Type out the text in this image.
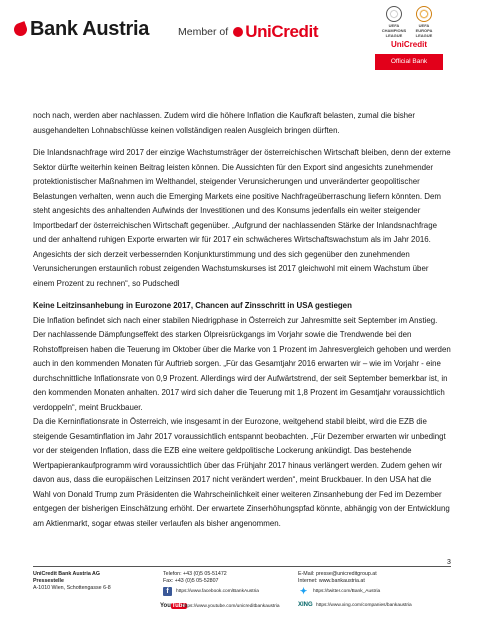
Bank Austria	Member of UniCredit	UEFA CHAMPIONS LEAGUE
UEFA EUROPA LEAGUE
UniCredit
Official Bank

noch nach, werden aber nachlassen. Zudem wird die höhere Inflation die Kaufkraft belasten, zumal die bisher ausgehandelten Lohnabschlüsse keinen vollständigen realen Ausgleich bringen dürften.

Die Inlandsnachfrage wird 2017 der einzige Wachstumsträger der österreichischen Wirtschaft bleiben, denn der externe Sektor dürfte weiterhin keinen Beitrag leisten können. Die Aussichten für den Export sind angesichts zunehmender protektionistischer Maßnahmen im Welthandel, steigender Verunsicherungen und unveränderter geopolitischer Belastungen verhalten, wenn auch die Emerging Markets eine positive Nachfrageüberraschung liefern könnten. Dem steht angesichts des anhaltenden Aufwinds der Investitionen und des Konsums jedenfalls ein weiter steigender Importbedarf der österreichischen Wirtschaft gegenüber. „Aufgrund der nachlassenden Stärke der Inlandsnachfrage und der anhaltend ruhigen Exporte erwarten wir für 2017 ein schwächeres Wirtschaftswachstum als im Jahr 2016. Angesichts der sich derzeit verbessernden Konjunkturstimmung und des sich gegenüber den zunehmenden Verunsicherungen erstaunlich robust zeigenden Wachstumskurses ist 2017 gleichwohl mit einem Wachstum über einem Prozent zu rechnen“, so Pudschedl

Keine Leitzinsanhebung in Eurozone 2017, Chancen auf Zinsschritt in USA gestiegen

Die Inflation befindet sich nach einer stabilen Niedrigphase in Österreich zur Jahresmitte seit September im Anstieg. Der nachlassende Dämpfungseffekt des starken Ölpreisrückgangs im Vorjahr sowie die Trendwende bei den Rohstoffpreisen haben die Teuerung im Oktober über die Marke von 1 Prozent im Jahresvergleich gehoben und werden auch in den kommenden Monaten für Auftrieb sorgen. „Für das Gesamtjahr 2016 erwarten wir – wie im Vorjahr - eine durchschnittliche Inflationsrate von 0,9 Prozent. Allerdings wird der Aufwärtstrend, der seit September bemerkbar ist, in den kommenden Monaten anhalten. 2017 wird sich daher die Teuerung mit 1,8 Prozent im Gesamtjahr voraussichtlich verdoppeln“, meint Bruckbauer.

Da die Kerninflationsrate in Österreich, wie insgesamt in der Eurozone, weitgehend stabil bleibt, wird die EZB die steigende Gesamtinflation im Jahr 2017 voraussichtlich entspannt beobachten. „Für Dezember erwarten wir unbedingt vor der steigenden Inflation, dass die EZB eine weitere geldpolitische Lockerung ankündigt. Das bestehende Wertpapierankaufprogramm wird voraussichtlich über das Frühjahr 2017 hinaus verlängert werden. Zudem gehen wir davon aus, dass die europäischen Leitzinsen 2017 nicht verändert werden“, meint Bruckbauer. In den USA hat die Wahl von Donald Trump zum Präsidenten die Wahrscheinlichkeit einer weiteren Zinsanhebung der Fed im Dezember entgegen der bisherigen Einschätzung erhöht. Der erwartete Zinserhöhungspfad könnte, abhängig von der Entwicklung am Aktienmarkt, sogar etwas steiler verlaufen als bisher angenommen.

3
UniCredit Bank Austria AG
Pressestelle
A-1010 Wien, Schottengasse 6-8
Telefon: +43 (0)5 05-51472
Fax: +43 (0)5 05-52807
E-Mail: presse@unicreditgroup.at
Internet: www.bankaustria.at
f	https://www.facebook.com/BankAustria	✦	https://twitter.com/Bank_Austria
YouTube
https://www.youtube.com/unicreditbankaustria	XING https://www.xing.com/companies/bankaustria
